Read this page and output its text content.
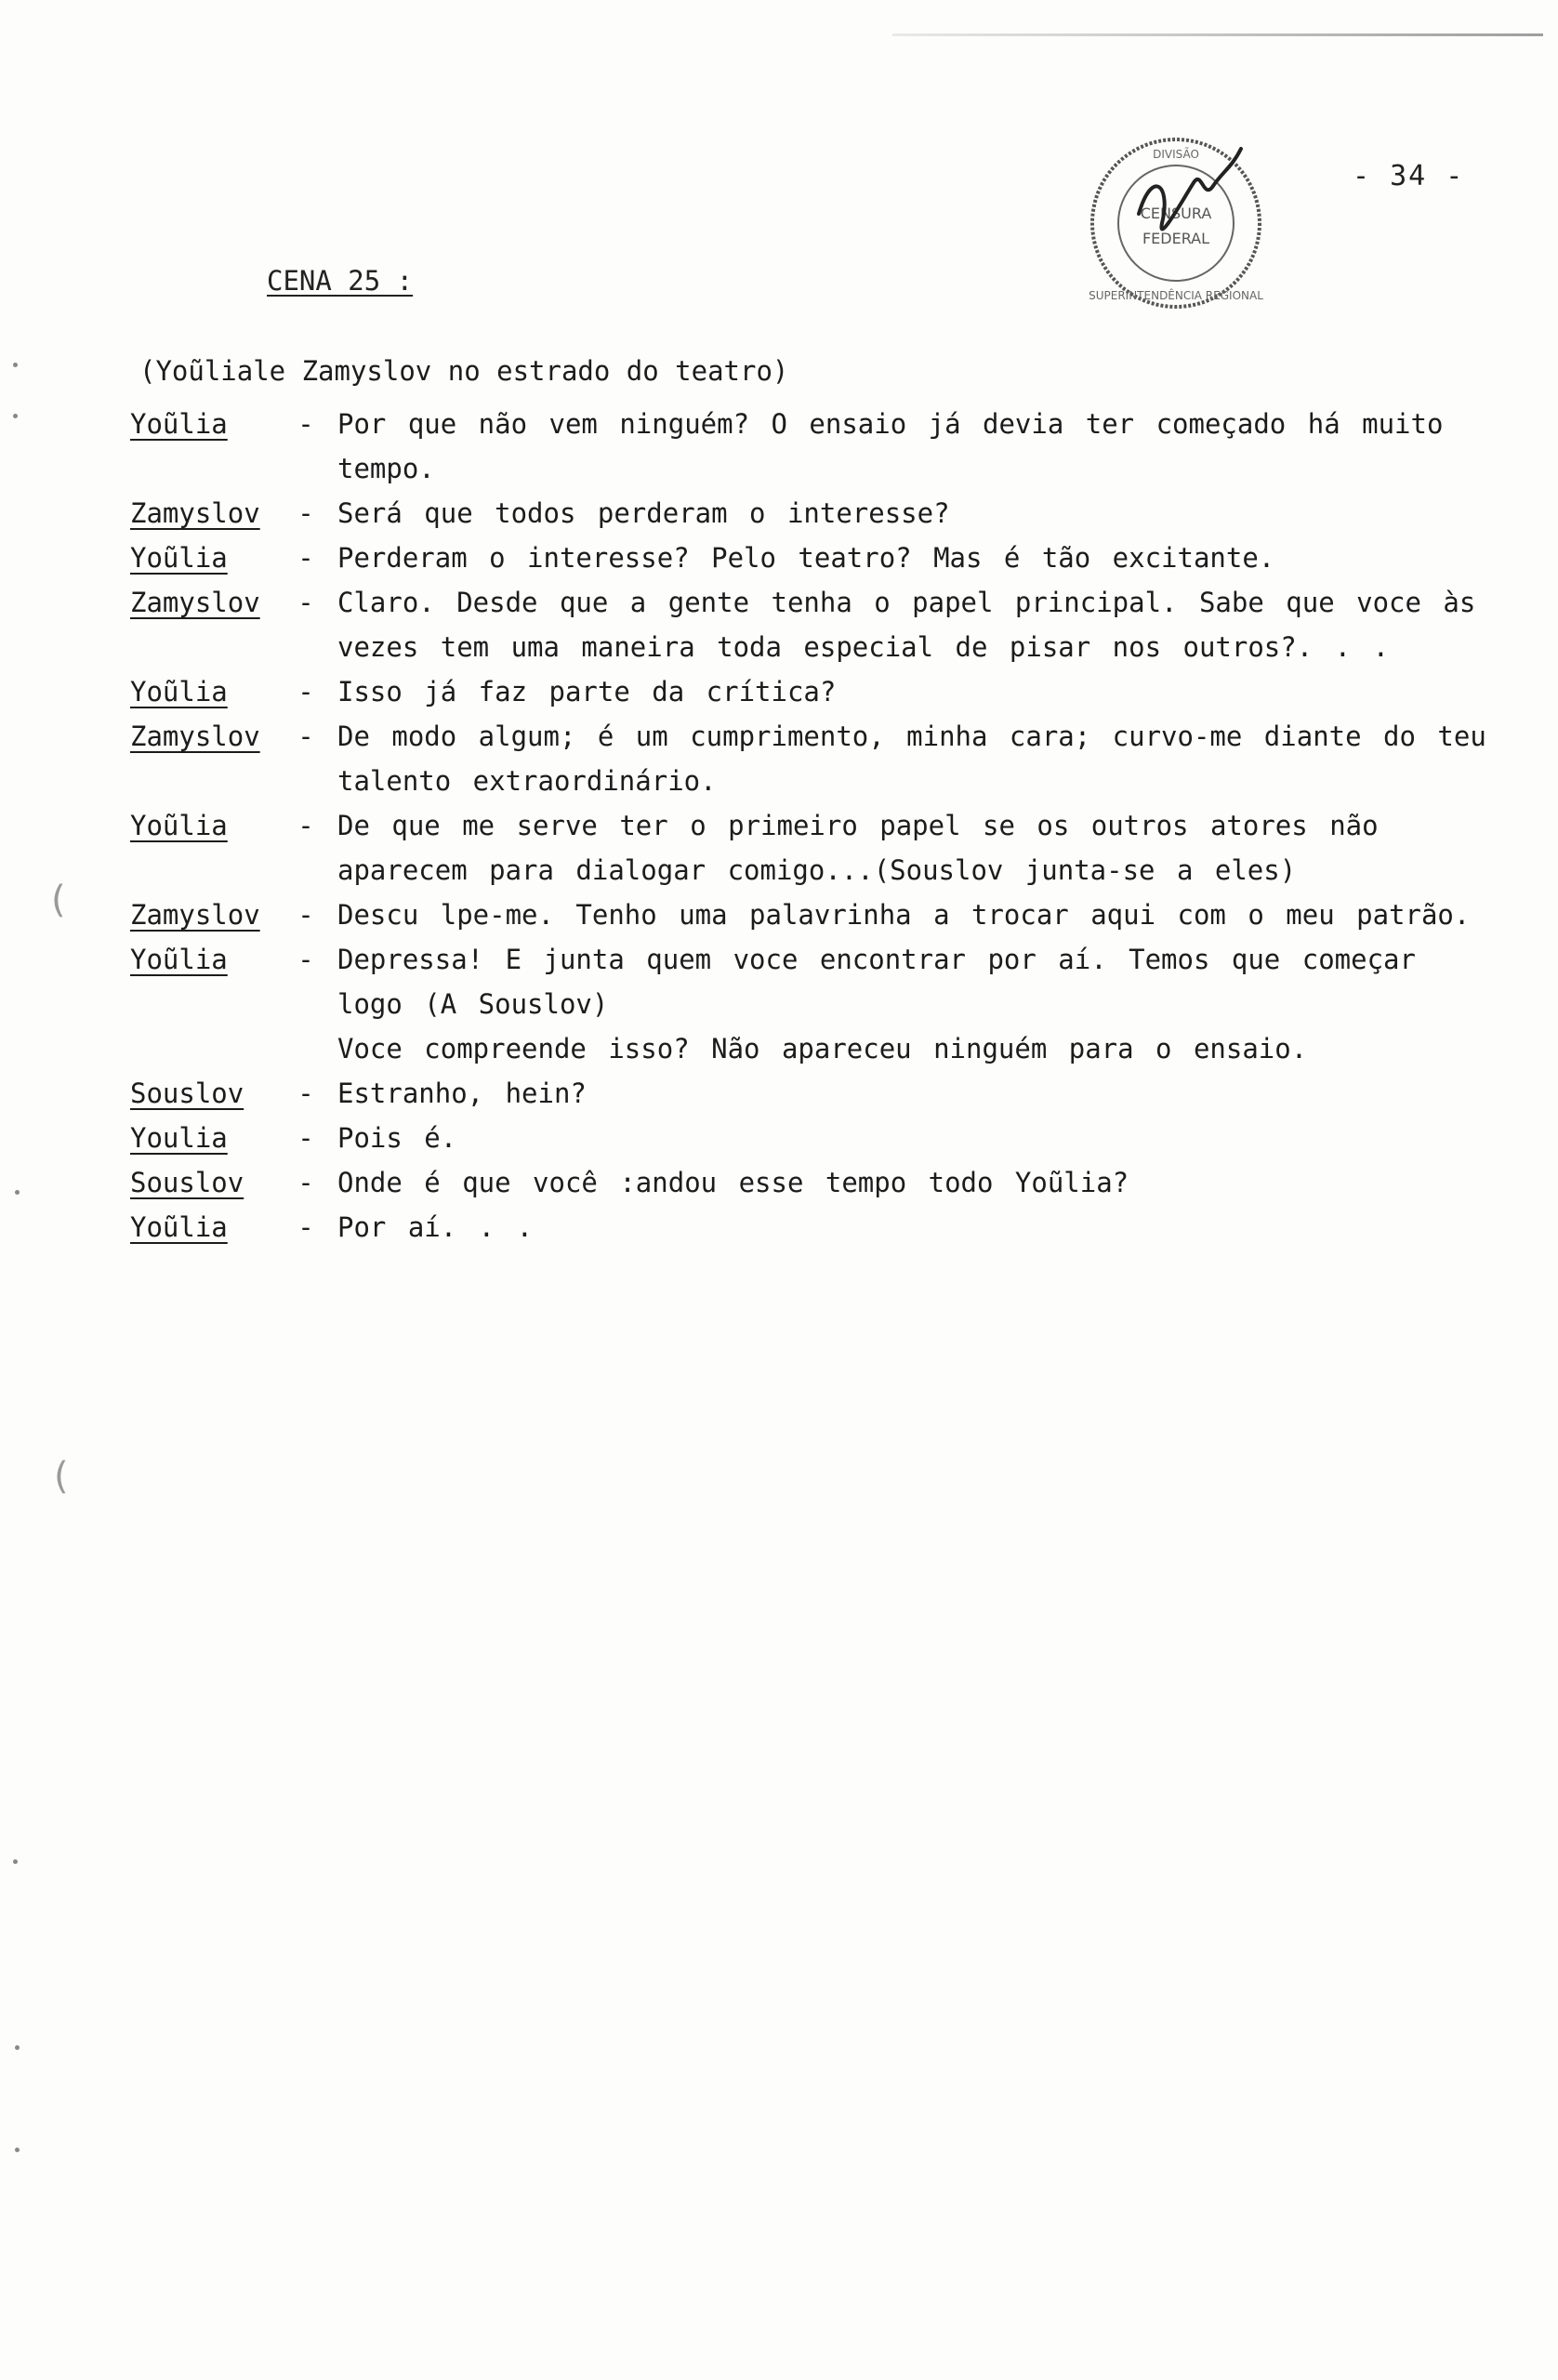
- 34 -
CENSURA
FEDERAL
DIVISÃO
SUPERINTENDÊNCIA REGIONAL
CENA 25 :
(Yoũliale Zamyslov no estrado do teatro)
Yoũlia	- Por que não vem ninguém? O ensaio já devia ter começado há muito tempo.
Zamyslov	- Será que todos perderam o interesse?
Yoũlia	- Perderam o interesse? Pelo teatro? Mas é tão excitante.
Zamyslov	- Claro. Desde que a gente tenha o papel principal. Sabe que voce às vezes tem uma maneira toda especial de pisar nos outros?. . .
Yoũlia	- Isso já faz parte da crítica?
Zamyslov	- De modo algum; é um cumprimento, minha cara; curvo-me diante do teu talento extraordinário.
Yoũlia	- De que me serve ter o primeiro papel se os outros atores não aparecem para dialogar comigo...(Souslov junta-se a eles)
Zamyslov	- Descu lpe-me. Tenho uma palavrinha a trocar aqui com o meu patrão.
Yoũlia	- Depressa! E junta quem voce encontrar por aí. Temos que começar logo (A Souslov)
Voce compreende isso? Não apareceu ninguém para o ensaio.
Souslov	- Estranho, hein?
Youlia	- Pois é.
Souslov	- Onde é que você :andou esse tempo todo Yoũlia?
Yoũlia	- Por aí. . .
(
(
